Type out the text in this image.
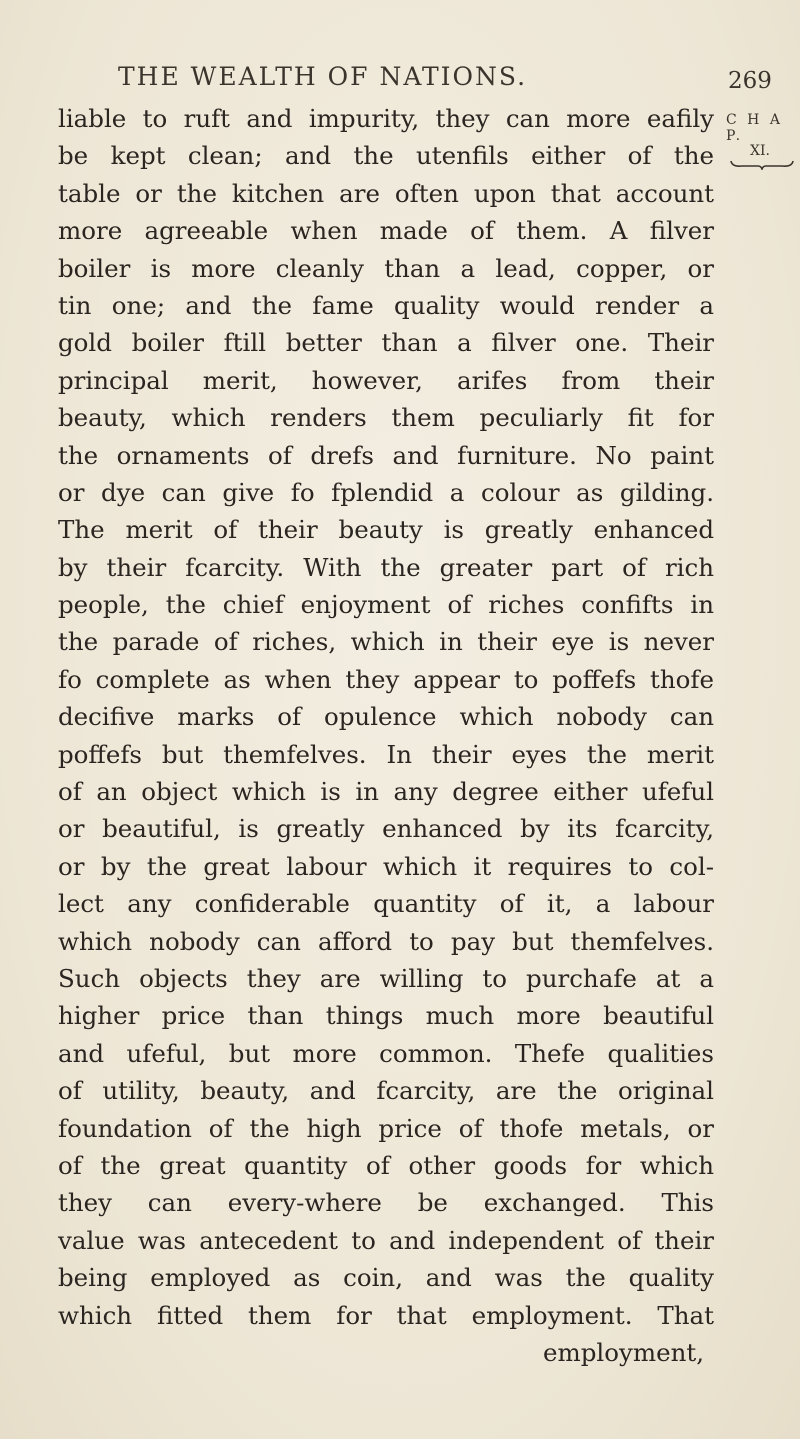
THE WEALTH OF NATIONS.	269
C H A P.
XI.
liable to ruft and impurity, they can more eafily
be kept clean; and the utenfils either of the
table or the kitchen are often upon that account
more agreeable when made of them. A filver
boiler is more cleanly than a lead, copper, or
tin one; and the fame quality would render a
gold boiler ftill better than a filver one. Their
principal merit, however, arifes from their
beauty, which renders them peculiarly fit for
the ornaments of drefs and furniture. No paint
or dye can give fo fplendid a colour as gilding.
The merit of their beauty is greatly enhanced
by their fcarcity. With the greater part of rich
people, the chief enjoyment of riches confifts in
the parade of riches, which in their eye is never
fo complete as when they appear to poffefs thofe
decifive marks of opulence which nobody can
poffefs but themfelves. In their eyes the merit
of an object which is in any degree either ufeful
or beautiful, is greatly enhanced by its fcarcity,
or by the great labour which it requires to col-
lect any confiderable quantity of it, a labour
which nobody can afford to pay but themfelves.
Such objects they are willing to purchafe at a
higher price than things much more beautiful
and ufeful, but more common. Thefe qualities
of utility, beauty, and fcarcity, are the original
foundation of the high price of thofe metals, or
of the great quantity of other goods for which
they can every-where be exchanged. This
value was antecedent to and independent of their
being employed as coin, and was the quality
which fitted them for that employment. That
employment,
